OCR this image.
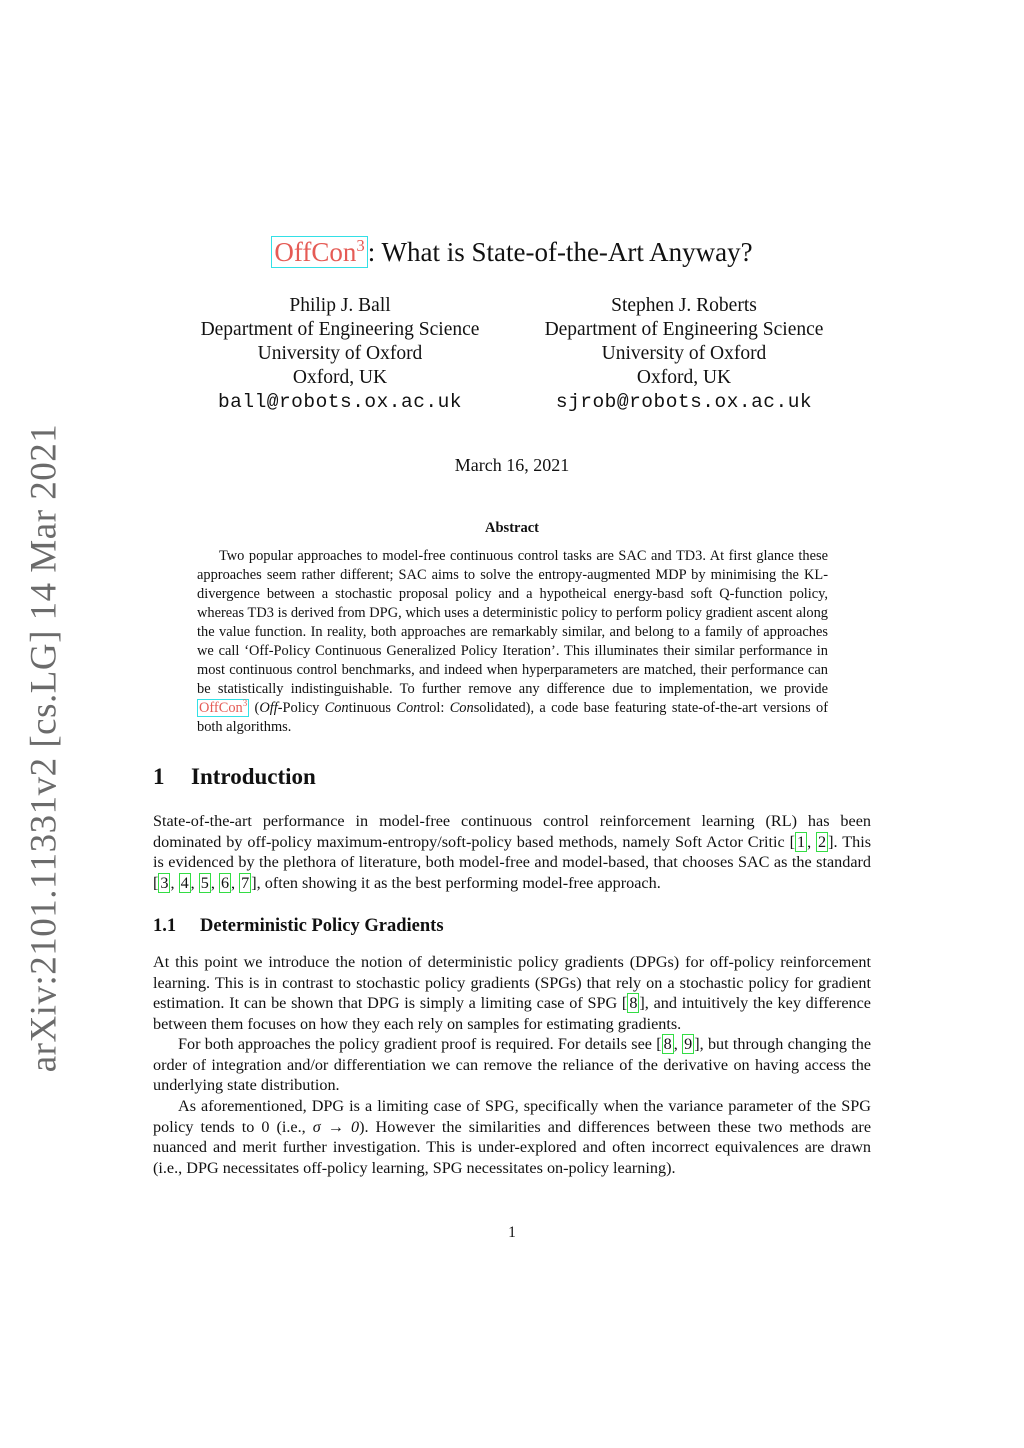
arXiv:2101.11331v2 [cs.LG] 14 Mar 2021
OffCon$^3$ : What is State-of-the-Art Anyway?
Philip J. Ball
Department of Engineering Science
University of Oxford
Oxford, UK
ball@robots.ox.ac.uk
Stephen J. Roberts
Department of Engineering Science
University of Oxford
Oxford, UK
sjrob@robots.ox.ac.uk
March 16, 2021
Abstract
Two popular approaches to model-free continuous control tasks are SAC and TD3. At first glance these approaches seem rather different; SAC aims to solve the entropy-augmented MDP by minimising the KL-divergence between a stochastic proposal policy and a hypotheical energy-basd soft Q-function policy, whereas TD3 is derived from DPG, which uses a deterministic policy to perform policy gradient ascent along the value function. In reality, both approaches are remarkably similar, and belong to a family of approaches we call ‘Off-Policy Continuous Generalized Policy Iteration’. This illuminates their similar performance in most continuous control benchmarks, and indeed when hyperparameters are matched, their performance can be statistically indistinguishable. To further remove any difference due to implementation, we provide OffCon$^3$ (Off-Policy Continuous Control: Consolidated), a code base featuring state-of-the-art versions of both algorithms.
1 Introduction
State-of-the-art performance in model-free continuous control reinforcement learning (RL) has been dominated by off-policy maximum-entropy/soft-policy based methods, namely Soft Actor Critic [ 1 , 2 ]. This is evidenced by the plethora of literature, both model-free and model-based, that chooses SAC as the standard [ 3 , 4 , 5 , 6 , 7 ], often showing it as the best performing model-free approach.
1.1 Deterministic Policy Gradients
At this point we introduce the notion of deterministic policy gradients (DPGs) for off-policy reinforcement learning. This is in contrast to stochastic policy gradients (SPGs) that rely on a stochastic policy for gradient estimation. It can be shown that DPG is simply a limiting case of SPG [ 8 ], and intuitively the key difference between them focuses on how they each rely on samples for estimating gradients.
For both approaches the policy gradient proof is required. For details see [ 8 , 9 ], but through changing the order of integration and/or differentiation we can remove the reliance of the derivative on having access the underlying state distribution.
As aforementioned, DPG is a limiting case of SPG, specifically when the variance parameter of the SPG policy tends to 0 (i.e., σ → 0). However the similarities and differences between these two methods are nuanced and merit further investigation. This is under-explored and often incorrect equivalences are drawn (i.e., DPG necessitates off-policy learning, SPG necessitates on-policy learning).
1
